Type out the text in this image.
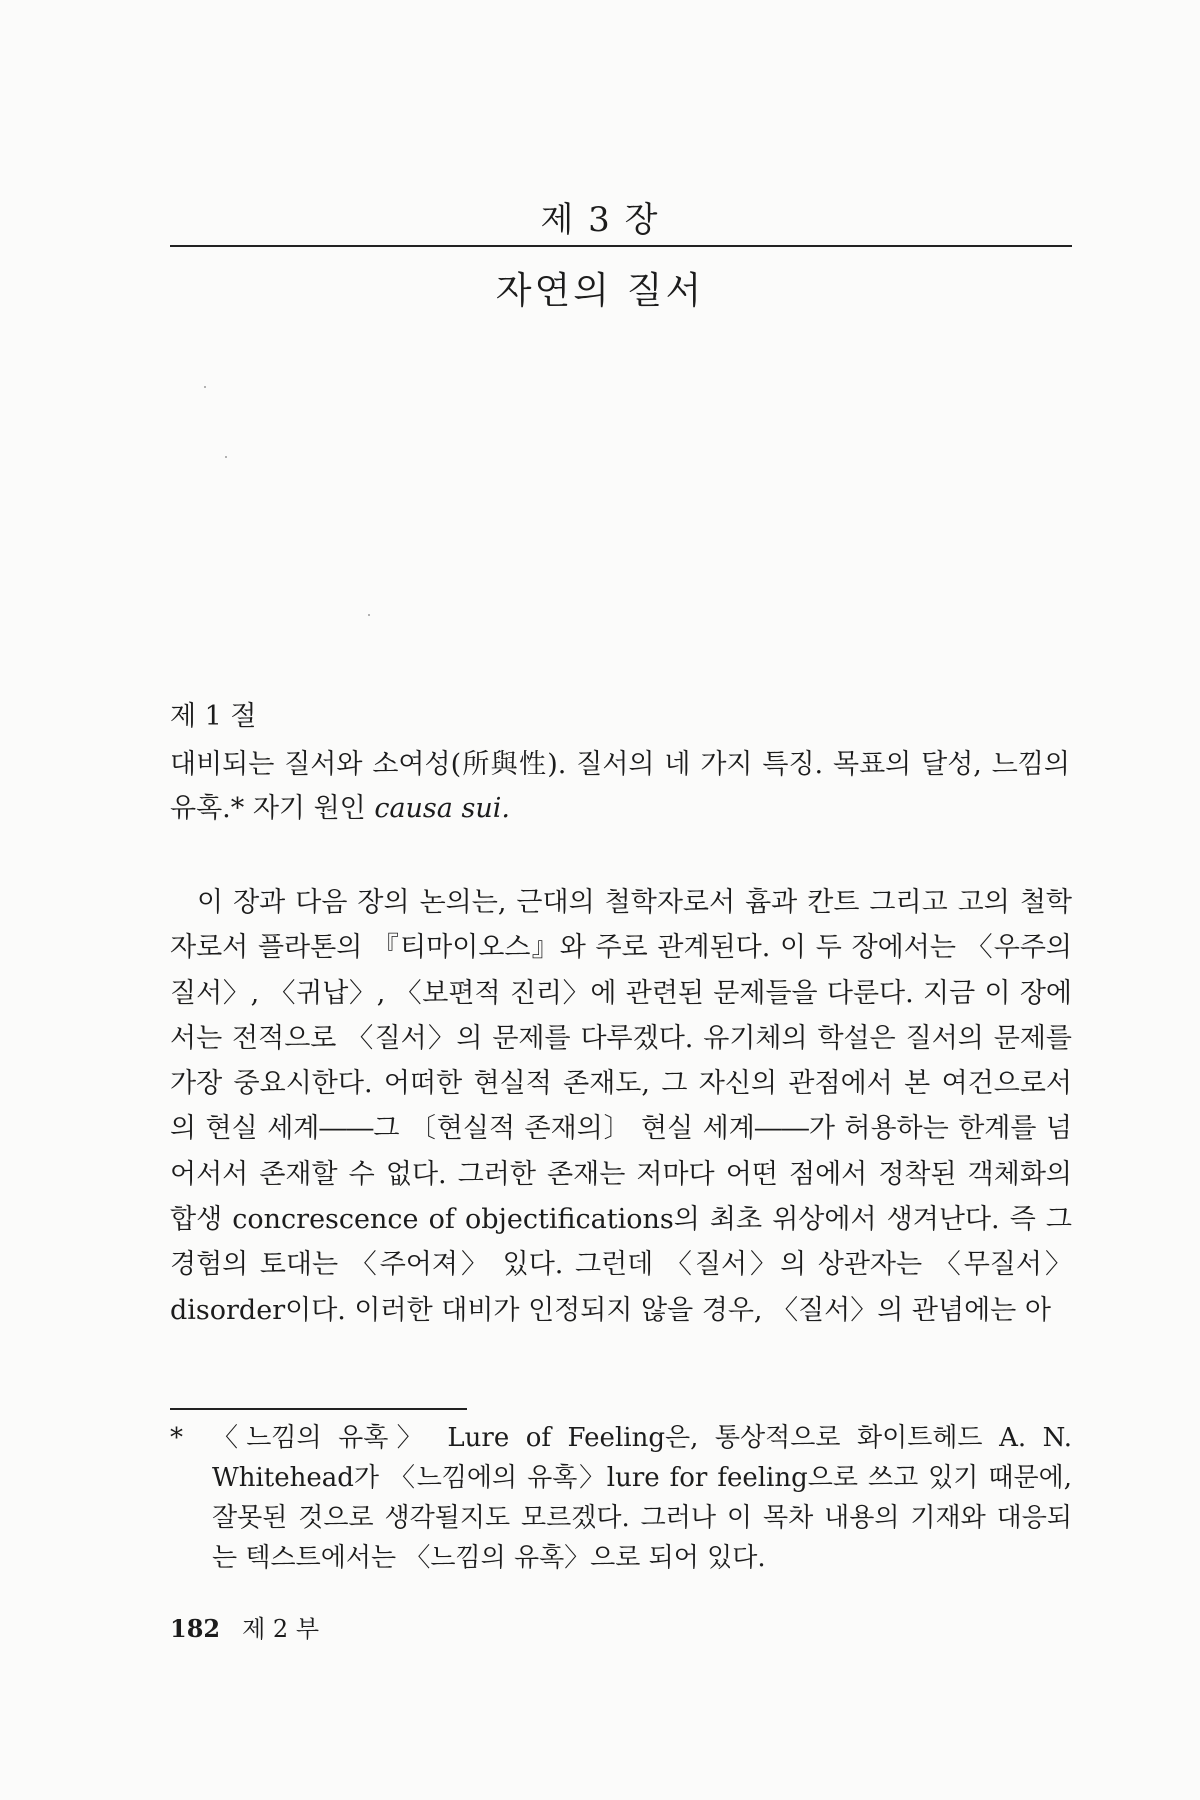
제 3 장
자연의 질서

제 1 절

대비되는 질서와 소여성(所與性). 질서의 네 가지 특징. 목표의 달성, 느낌의 유혹.* 자기 원인 causa sui.

이 장과 다음 장의 논의는, 근대의 철학자로서 흄과 칸트 그리고 고의 철학자로서 플라톤의 『티마이오스』와 주로 관계된다. 이 두 장에서는 〈우주의 질서〉, 〈귀납〉, 〈보편적 진리〉에 관련된 문제들을 다룬다. 지금 이 장에서는 전적으로 〈질서〉의 문제를 다루겠다. 유기체의 학설은 질서의 문제를 가장 중요시한다. 어떠한 현실적 존재도, 그 자신의 관점에서 본 여건으로서의 현실 세계――그 〔현실적 존재의〕 현실 세계――가 허용하는 한계를 넘어서서 존재할 수 없다. 그러한 존재는 저마다 어떤 점에서 정착된 객체화의 합생 concrescence of objectifications의 최초 위상에서 생겨난다. 즉 그 경험의 토대는 〈주어져〉 있다. 그런데 〈질서〉의 상관자는 〈무질서〉 disorder이다. 이러한 대비가 인정되지 않을 경우, 〈질서〉의 관념에는 아

*	〈느낌의 유혹〉 Lure of Feeling은, 통상적으로 화이트헤드 A. N. Whitehead가 〈느낌에의 유혹〉lure for feeling으로 쓰고 있기 때문에, 잘못된 것으로 생각될지도 모르겠다. 그러나 이 목차 내용의 기재와 대응되는 텍스트에서는 〈느낌의 유혹〉으로 되어 있다.
182 제 2 부
